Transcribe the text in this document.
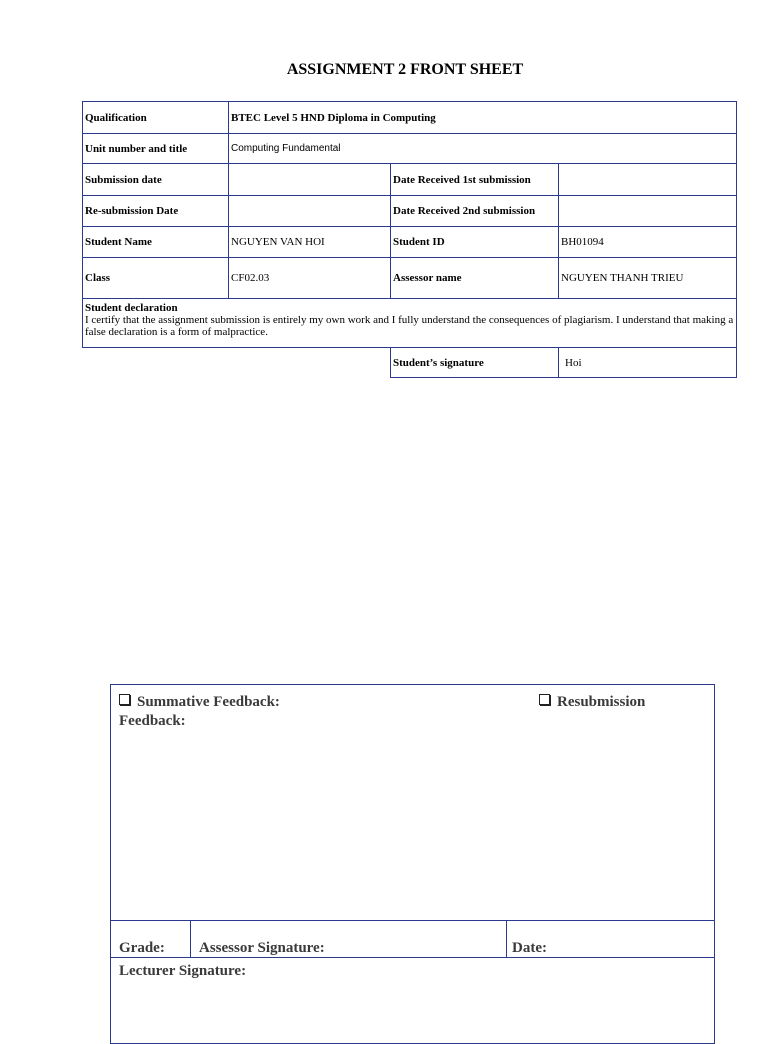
ASSIGNMENT 2 FRONT SHEET
Qualification	BTEC Level 5 HND Diploma in Computing		
Unit number and title	Computing Fundamental		
Submission date		Date Received 1st submission	
Re-submission Date		Date Received 2nd submission	
Student Name	NGUYEN VAN HOI	Student ID	BH01094
Class	CF02.03	Assessor name	NGUYEN THANH TRIEU

Student declaration
I certify that the assignment submission is entirely my own work and I fully understand the consequences of plagiarism. I understand that making a false declaration is a form of malpractice.			

		Student’s signature	Hoi
Summative Feedback:	Resubmission
Feedback:
Grade:	Assessor Signature:	Date:
Lecturer Signature:
